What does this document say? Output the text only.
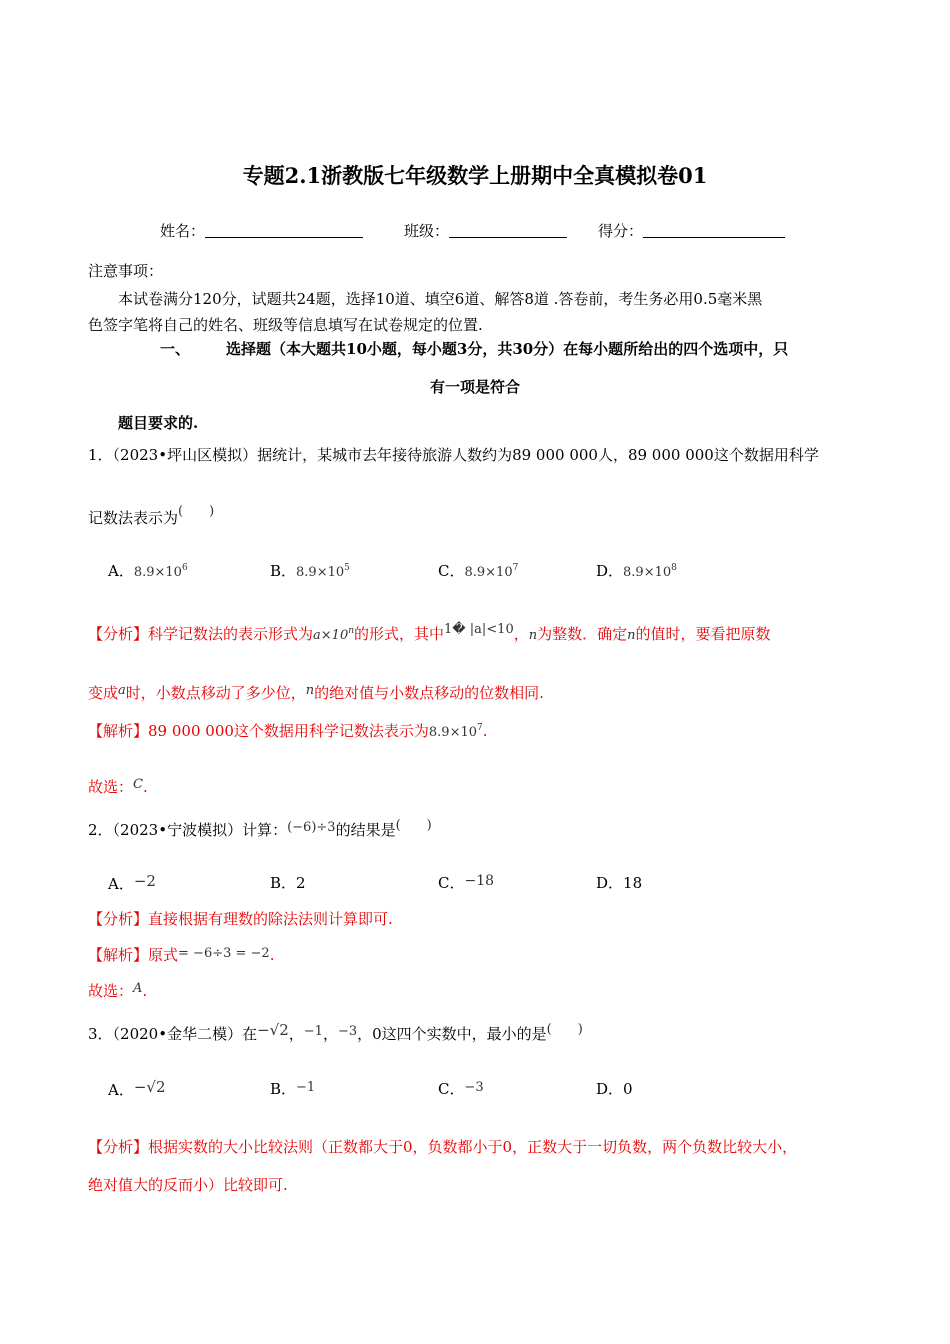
专题2.1浙教版七年级数学上册期中全真模拟卷01
姓名：	班级：	得分：
注意事项：
本试卷满分120分，试题共24题，选择10道、填空6道、解答8道 .答卷前，考生务必用0.5毫米黑
色签字笔将自己的姓名、班级等信息填写在试卷规定的位置.
一、 选择题（本大题共10小题，每小题3分，共30分）在每小题所给出的四个选项中，只
有一项是符合
题目要求的.
1．（2023•坪山区模拟）据统计，某城市去年接待旅游人数约为89 000 000人，89 000 000这个数据用科学
记数法表示为(　　)
A．$8.9\times 10^6$	B．$8.9\times 10^5$	C．$8.9\times 10^7$	D．$8.9\times 10^8$
【分析】科学记数法的表示形式为$a\times 10^n$的形式，其中1� |a|<10，n为整数．确定n的值时，要看把原数
变成a时，小数点移动了多少位，n的绝对值与小数点移动的位数相同.
【解析】89 000 000这个数据用科学记数法表示为$8.9\times 10^7$.
故选：C.
2．（2023•宁波模拟）计算：(−6)÷3的结果是(　　)
A．−2	B．2	C．−18	D．18
【分析】直接根据有理数的除法法则计算即可.
【解析】原式= −6÷3 = −2.
故选：A.
3．（2020•金华二模）在−√2，−1，−3，0这四个实数中，最小的是(　　)
A．−√2	B．−1	C．−3	D．0
【分析】根据实数的大小比较法则（正数都大于0，负数都小于0，正数大于一切负数，两个负数比较大小，
绝对值大的反而小）比较即可.
